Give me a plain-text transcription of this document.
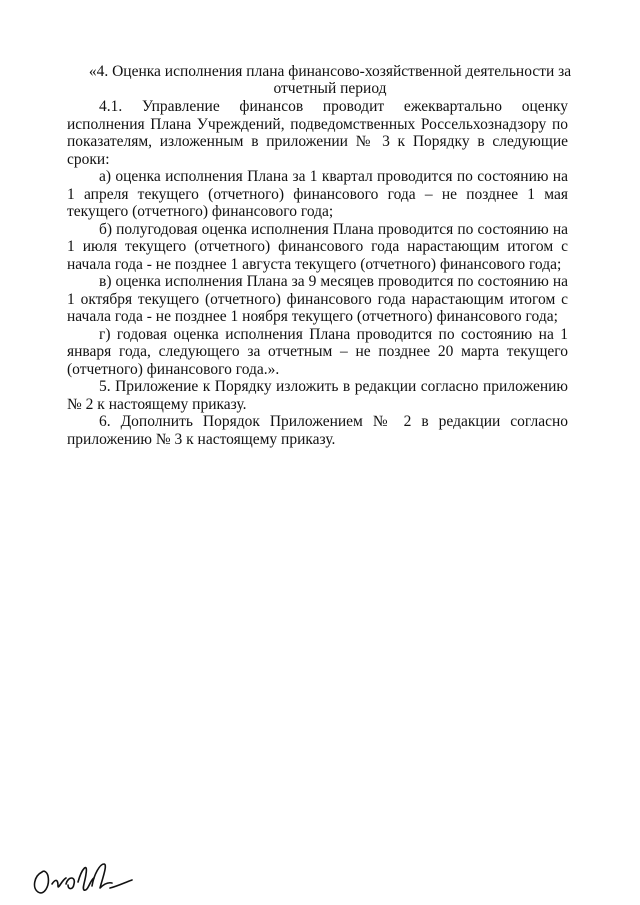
«4. Оценка исполнения плана финансово-хозяйственной деятельности за
отчетный период

4.1. Управление финансов проводит ежеквартально оценку исполнения Плана Учреждений, подведомственных Россельхознадзору по показателям, изложенным в приложении № 3 к Порядку в следующие сроки:

а) оценка исполнения Плана за 1 квартал проводится по состоянию на 1 апреля текущего (отчетного) финансового года – не позднее 1 мая текущего (отчетного) финансового года;

б) полугодовая оценка исполнения Плана проводится по состоянию на 1 июля текущего (отчетного) финансового года нарастающим итогом с начала года - не позднее 1 августа текущего (отчетного) финансового года;

в) оценка исполнения Плана за 9 месяцев проводится по состоянию на 1 октября текущего (отчетного) финансового года нарастающим итогом с начала года - не позднее 1 ноября текущего (отчетного) финансового года;

г) годовая оценка исполнения Плана проводится по состоянию на 1 января года, следующего за отчетным – не позднее 20 марта текущего (отчетного) финансового года.».

5. Приложение к Порядку изложить в редакции согласно приложению № 2 к настоящему приказу.

6. Дополнить Порядок Приложением № 2 в редакции согласно приложению № 3 к настоящему приказу.
